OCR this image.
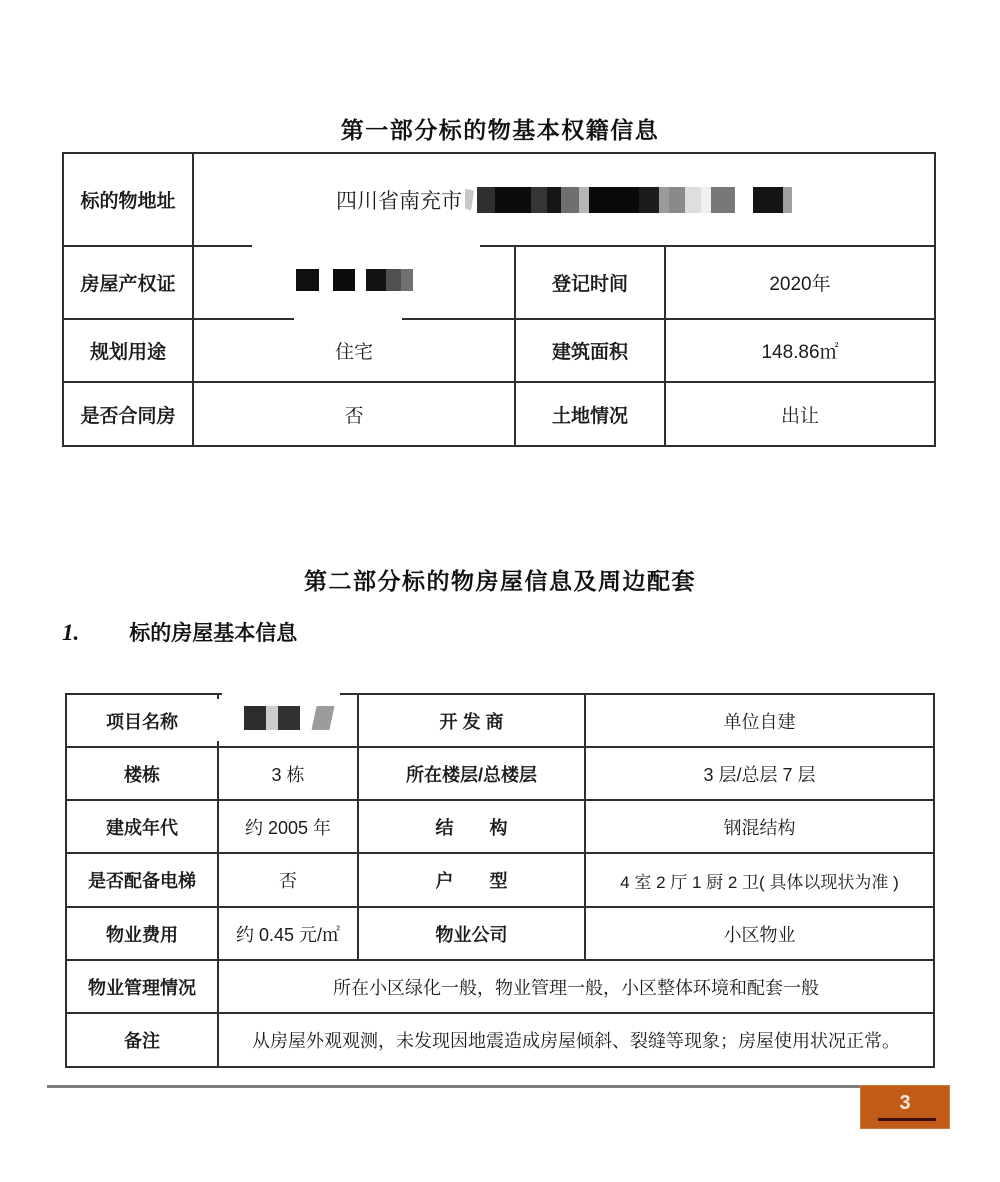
第一部分标的物基本权籍信息
标的物地址	四川省南充市		

房屋产权证		登记时间	2020年
规划用途	住宅	建筑面积	148.86㎡
是否合同房	否	土地情况	出让
第二部分标的物房屋信息及周边配套
1. 标的房屋基本信息
项目名称		开 发 商	单位自建
楼栋	3 栋	所在楼层/总楼层	3 层/总层 7 层
建成年代	约 2005 年	结　　构	钢混结构
是否配备电梯	否	户　　型	4 室 2 厅 1 厨 2 卫( 具体以现状为准 )
物业费用	约 0.45 元/㎡	物业公司	小区物业
物业管理情况	所在小区绿化一般，物业管理一般，小区整体环境和配套一般		
备注	从房屋外观观测，未发现因地震造成房屋倾斜、裂缝等现象；房屋使用状况正常。		
3
